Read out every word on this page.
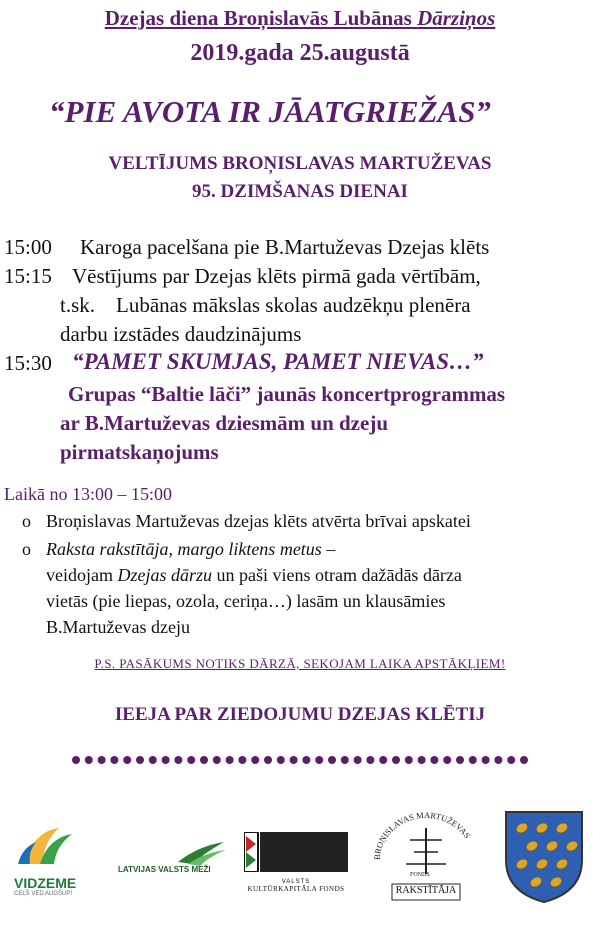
Dzejas diena Broņislavās Lubānas Dārziņos
2019.gada 25.augustā
“PIE AVOTA IR JĀATGRIEŽAS”
VELTĪJUMS BROŅISLAVAS MARTUŽEVAS
95. DZIMŠANAS DIENAI
15:00 Karoga pacelšana pie B.Martuževas Dzejas klēts
15:15 Vēstījums par Dzejas klēts pirmā gada vērtībām,
t.sk.    Lubānas mākslas skolas audzēkņu plenēra
darbu izstādes daudzinājums
15:30 “PAMET SKUMJAS, PAMET NIEVAS…”
Grupas “Baltie lāči” jaunās koncertprogrammas
ar B.Martuževas dziesmām un dzeju
pirmatskaņojums
Laikā no 13:00 – 15:00
o Broņislavas Martuževas dzejas klēts atvērta brīvai apskatei
o Raksta rakstītāja, margo liktens metus –
veidojam Dzejas dārzu un paši viens otram dažādās dārza
vietās (pie liepas, ozola, ceriņa…) lasām un klausāmies
B.Martuževas dzeju
P.S. PASĀKUMS NOTIKS DĀRZĀ, SEKOJAM LAIKA APSTĀKĻIEM!
IEEJA PAR ZIEDOJUMU DZEJAS KLĒTIJ
VIDZEME
CEĻŠ VED AUGŠUP!
LATVIJAS VALSTS MEŽI
VALSTS
KULTŪRKAPITĀLA FONDS
BROŅISLAVAS MARTUŽEVAS
FONDS
RAKSTĪTĀJA
